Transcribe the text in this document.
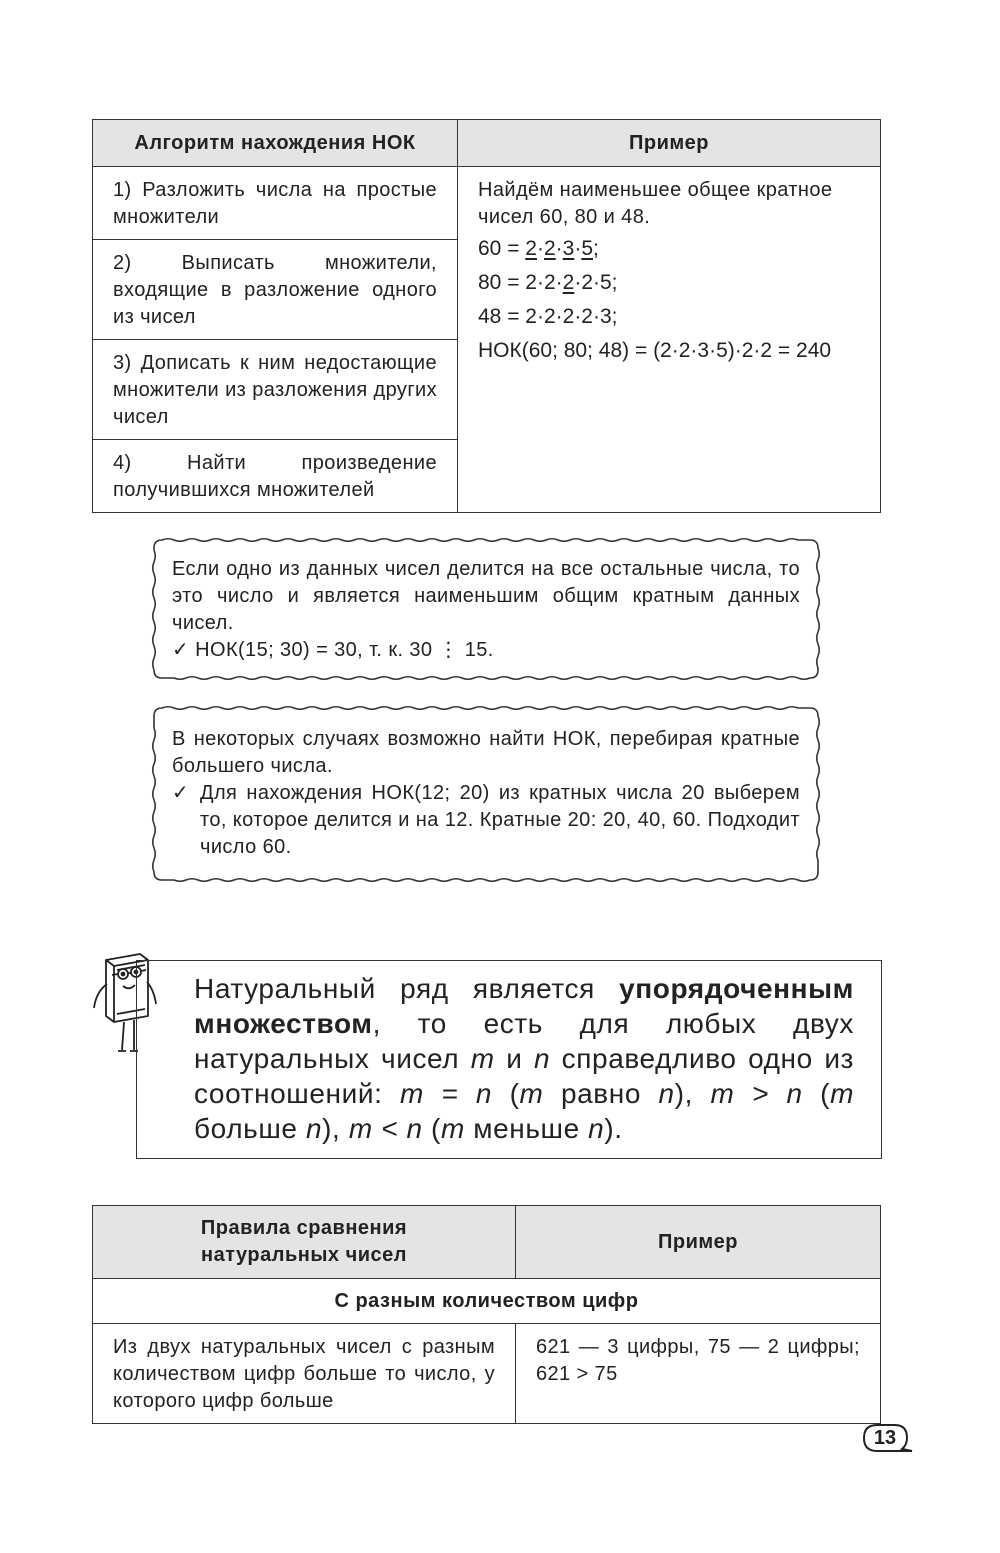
Алгоритм нахождения НОК	Пример
1) Разложить числа на простые множители	Найдём наименьшее общее кратное чисел 60, 80 и 48.
60 = 2·2·3·5;
80 = 2·2·2·2·5;
48 = 2·2·2·2·3;
НОК(60; 80; 48) = (2·2·3·5)·2·2 = 240

2) Выписать множители, входящие в разложение одного из чисел	
3) Дописать к ним недостающие множители из разложения других чисел	
4) Найти произведение получившихся множителей	
Если одно из данных чисел делится на все остальные числа, то это число и является наименьшим общим кратным данных чисел.
✓ НОК(15; 30) = 30, т. к. 30 ⋮ 15.
В некоторых случаях возможно найти НОК, перебирая кратные большего числа.
✓ Для нахождения НОК(12; 20) из кратных числа 20 выберем то, которое делится и на 12. Кратные 20: 20, 40, 60. Подходит число 60.
Натуральный ряд является упорядоченным множеством, то есть для любых двух натуральных чисел m и n справедливо одно из соотношений: m = n (m равно n), m > n (m больше n), m < n (m меньше n).
Правила сравнения
натуральных чисел	Пример
С разным количеством цифр	
Из двух натуральных чисел с разным количеством цифр больше то число, у которого цифр больше	621 — 3 цифры, 75 — 2 цифры; 621 > 75
13
